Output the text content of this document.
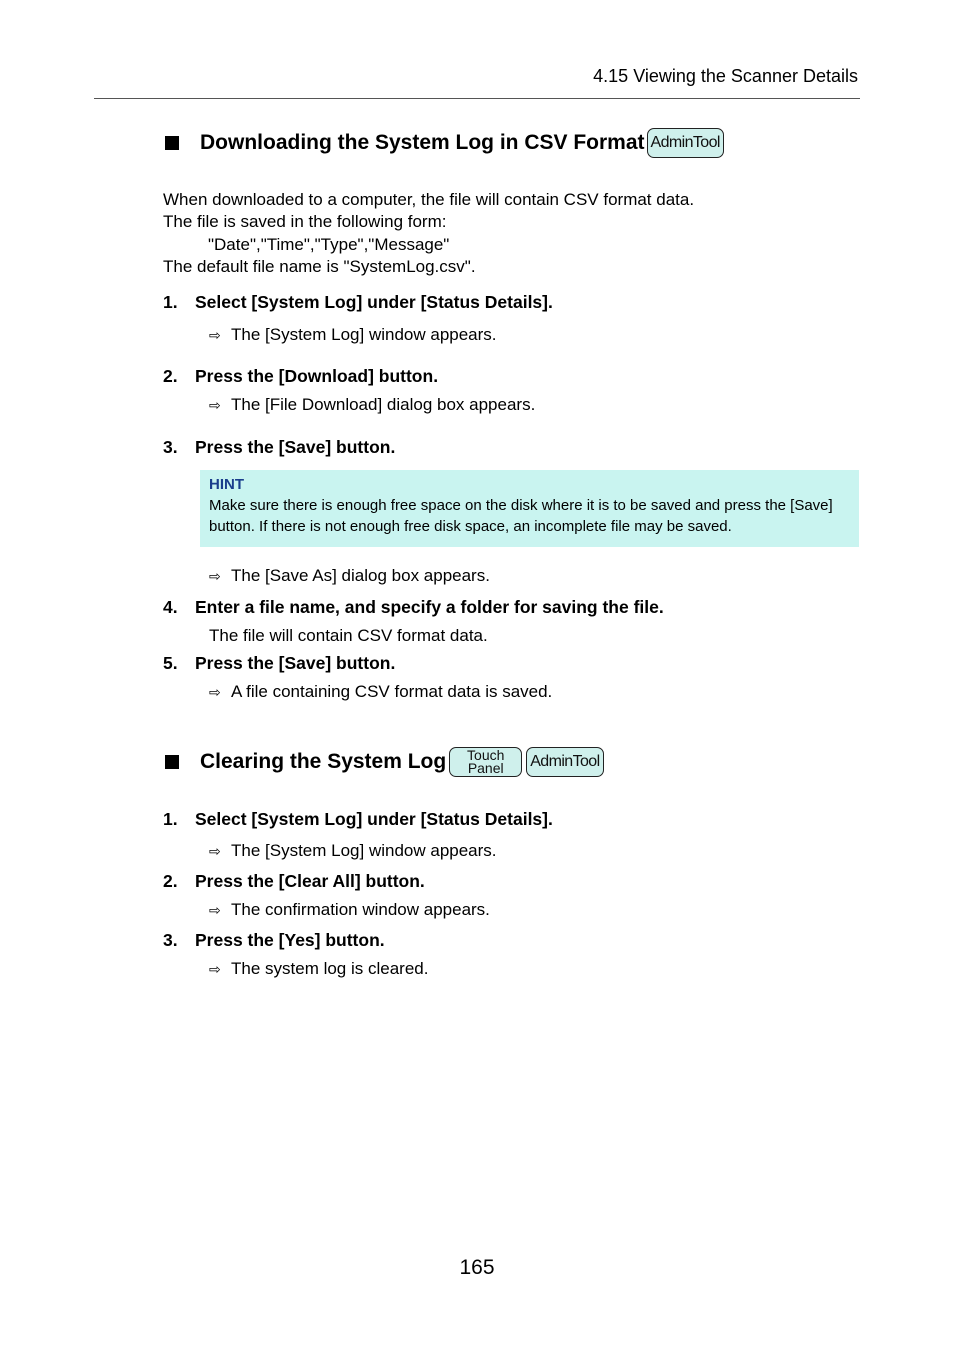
4.15 Viewing the Scanner Details
Downloading the System Log in CSV Format AdminTool
When downloaded to a computer, the file will contain CSV format data.
The file is saved in the following form:
"Date","Time","Type","Message"
The default file name is "SystemLog.csv".
1. Select [System Log] under [Status Details].
⇨ The [System Log] window appears.
2. Press the [Download] button.
⇨ The [File Download] dialog box appears.
3. Press the [Save] button.
HINT
Make sure there is enough free space on the disk where it is to be saved and press the [Save] button. If there is not enough free disk space, an incomplete file may be saved.
⇨ The [Save As] dialog box appears.
4. Enter a file name, and specify a folder for saving the file.
The file will contain CSV format data.
5. Press the [Save] button.
⇨ A file containing CSV format data is saved.
Clearing the System Log Touch
Panel AdminTool
1. Select [System Log] under [Status Details].
⇨ The [System Log] window appears.
2. Press the [Clear All] button.
⇨ The confirmation window appears.
3. Press the [Yes] button.
⇨ The system log is cleared.
165
